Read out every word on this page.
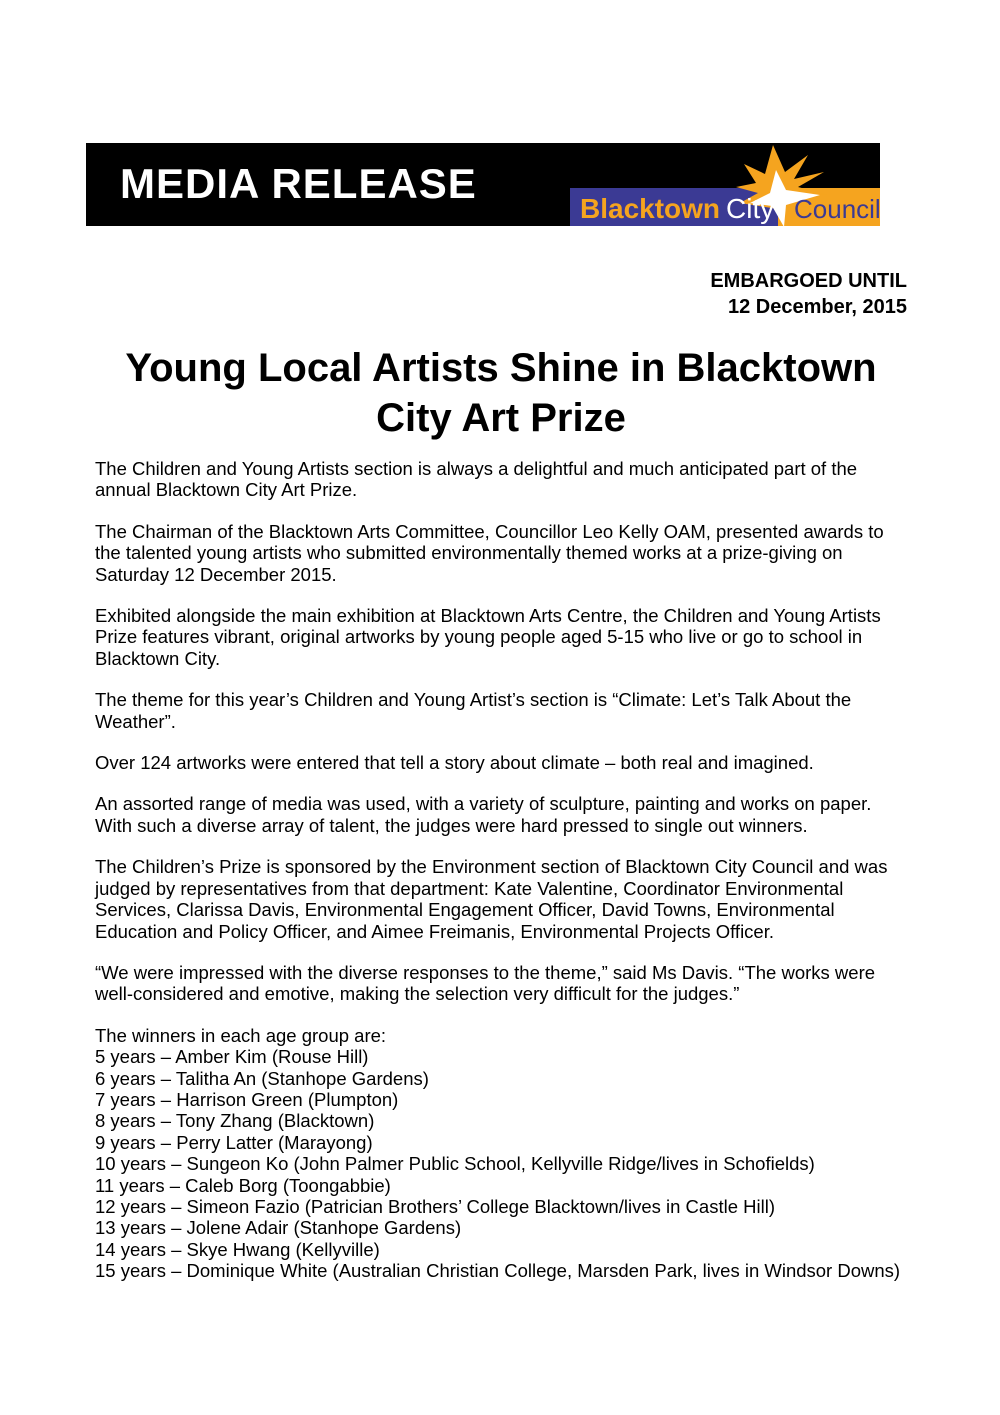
MEDIA RELEASE
Blacktown City Council
EMBARGOED UNTIL
12 December, 2015
Young Local Artists Shine in Blacktown City Art Prize

The Children and Young Artists section is always a delightful and much anticipated part of the annual Blacktown City Art Prize.

The Chairman of the Blacktown Arts Committee, Councillor Leo Kelly OAM, presented awards to the talented young artists who submitted environmentally themed works at a prize-giving on Saturday 12 December 2015.

Exhibited alongside the main exhibition at Blacktown Arts Centre, the Children and Young Artists Prize features vibrant, original artworks by young people aged 5-15 who live or go to school in Blacktown City.

The theme for this year’s Children and Young Artist’s section is “Climate: Let’s Talk About the Weather”.

Over 124 artworks were entered that tell a story about climate – both real and imagined.

An assorted range of media was used, with a variety of sculpture, painting and works on paper. With such a diverse array of talent, the judges were hard pressed to single out winners.

The Children’s Prize is sponsored by the Environment section of Blacktown City Council and was judged by representatives from that department: Kate Valentine, Coordinator Environmental Services, Clarissa Davis, Environmental Engagement Officer, David Towns, Environmental Education and Policy Officer, and Aimee Freimanis, Environmental Projects Officer.

“We were impressed with the diverse responses to the theme,” said Ms Davis. “The works were well-considered and emotive, making the selection very difficult for the judges.”

The winners in each age group are:
5 years – Amber Kim (Rouse Hill)
6 years – Talitha An (Stanhope Gardens)
7 years – Harrison Green (Plumpton)
8 years – Tony Zhang (Blacktown)
9 years – Perry Latter (Marayong)
10 years – Sungeon Ko (John Palmer Public School, Kellyville Ridge/lives in Schofields)
11 years – Caleb Borg (Toongabbie)
12 years – Simeon Fazio (Patrician Brothers’ College Blacktown/lives in Castle Hill)
13 years – Jolene Adair (Stanhope Gardens)
14 years – Skye Hwang (Kellyville)
15 years – Dominique White (Australian Christian College, Marsden Park, lives in Windsor Downs)
